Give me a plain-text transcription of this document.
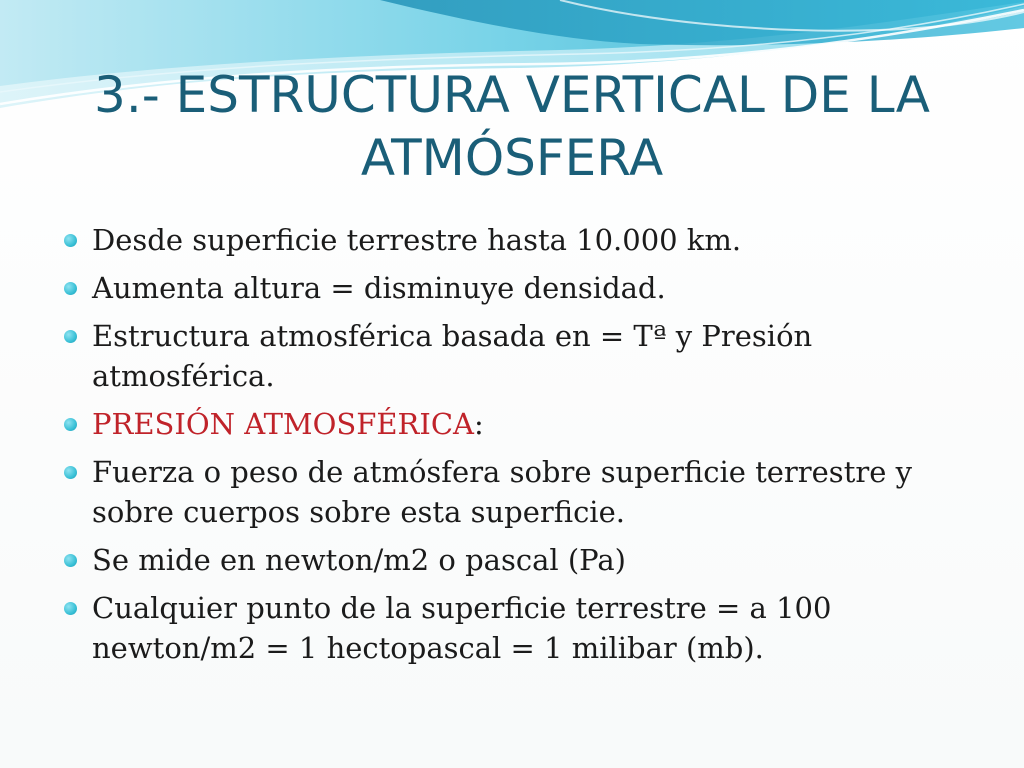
3.- ESTRUCTURA VERTICAL DE LA
ATMÓSFERA
Desde superficie terrestre hasta 10.000 km.
Aumenta altura = disminuye densidad.
Estructura atmosférica basada en = Tª y Presión atmosférica.
PRESIÓN ATMOSFÉRICA:
Fuerza o peso de atmósfera sobre superficie terrestre y sobre cuerpos sobre esta superficie.
Se mide en newton/m2 o pascal (Pa)
Cualquier punto de la superficie terrestre = a 100 newton/m2 = 1 hectopascal = 1 milibar (mb).
